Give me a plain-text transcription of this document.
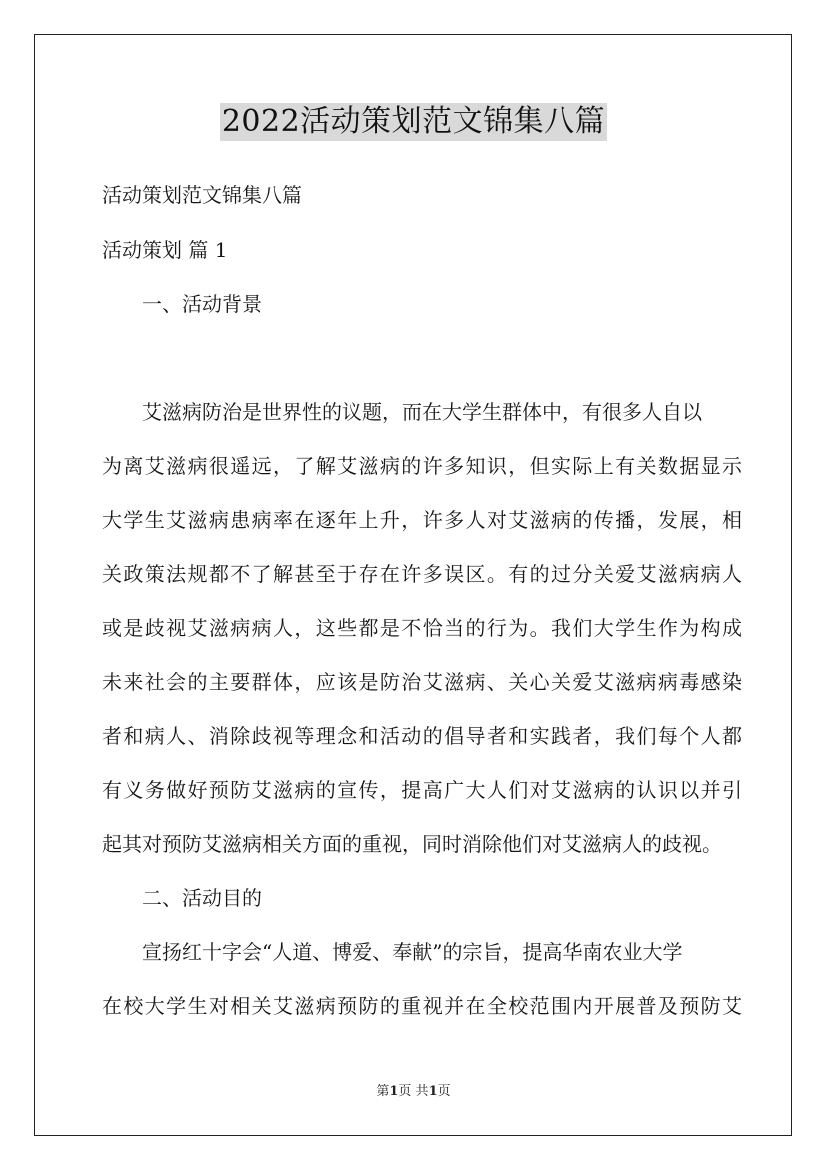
2022活动策划范文锦集八篇
活动策划范文锦集八篇
活动策划 篇 1
一、活动背景
艾滋病防治是世界性的议题，而在大学生群体中，有很多人自以
为离艾滋病很遥远，了解艾滋病的许多知识，但实际上有关数据显示
大学生艾滋病患病率在逐年上升，许多人对艾滋病的传播，发展，相
关政策法规都不了解甚至于存在许多误区。有的过分关爱艾滋病病人
或是歧视艾滋病病人，这些都是不恰当的行为。我们大学生作为构成
未来社会的主要群体，应该是防治艾滋病、关心关爱艾滋病病毒感染
者和病人、消除歧视等理念和活动的倡导者和实践者，我们每个人都
有义务做好预防艾滋病的宣传，提高广大人们对艾滋病的认识以并引
起其对预防艾滋病相关方面的重视，同时消除他们对艾滋病人的歧视。
二、活动目的
宣扬红十字会“人道、博爱、奉献”的宗旨，提高华南农业大学
在校大学生对相关艾滋病预防的重视并在全校范围内开展普及预防艾
第1页 共1页
